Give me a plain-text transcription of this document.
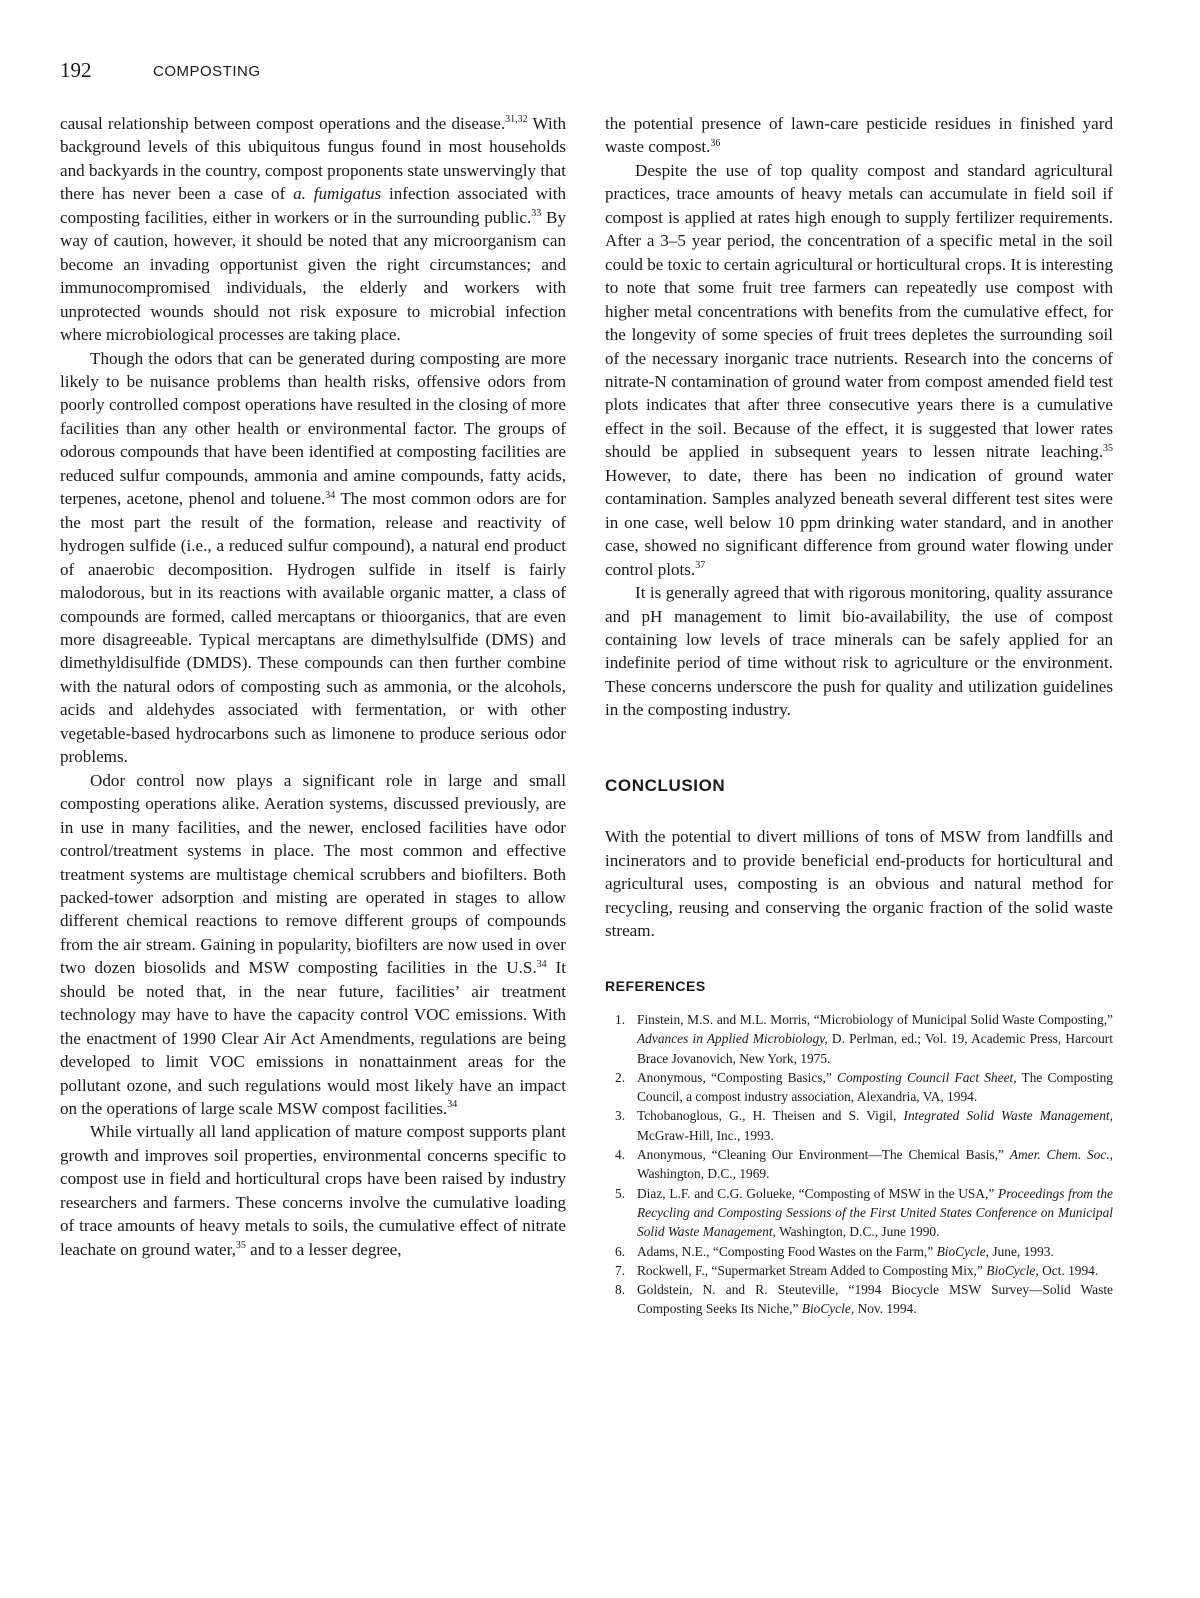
192	COMPOSTING

causal relationship between compost operations and the disease.$^{31,32}$ With background levels of this ubiquitous fungus found in most households and backyards in the country, compost proponents state unswervingly that there has never been a case of a. fumigatus infection associated with composting facilities, either in workers or in the surrounding public.$^{33}$ By way of caution, however, it should be noted that any microorganism can become an invading opportunist given the right circumstances; and immunocompromised individuals, the elderly and workers with unprotected wounds should not risk exposure to microbial infection where microbiological processes are taking place.

Though the odors that can be generated during composting are more likely to be nuisance problems than health risks, offensive odors from poorly controlled compost operations have resulted in the closing of more facilities than any other health or environmental factor. The groups of odorous compounds that have been identified at composting facilities are reduced sulfur compounds, ammonia and amine compounds, fatty acids, terpenes, acetone, phenol and toluene.$^{34}$ The most common odors are for the most part the result of the formation, release and reactivity of hydrogen sulfide (i.e., a reduced sulfur compound), a natural end product of anaerobic decomposition. Hydrogen sulfide in itself is fairly malodorous, but in its reactions with available organic matter, a class of compounds are formed, called mercaptans or thioorganics, that are even more disagreeable. Typical mercaptans are dimethylsulfide (DMS) and dimethyldisulfide (DMDS). These compounds can then further combine with the natural odors of composting such as ammonia, or the alcohols, acids and aldehydes associated with fermentation, or with other vegetable-based hydrocarbons such as limonene to produce serious odor problems.

Odor control now plays a significant role in large and small composting operations alike. Aeration systems, discussed previously, are in use in many facilities, and the newer, enclosed facilities have odor control/treatment systems in place. The most common and effective treatment systems are multistage chemical scrubbers and biofilters. Both packed-tower adsorption and misting are operated in stages to allow different chemical reactions to remove different groups of compounds from the air stream. Gaining in popularity, biofilters are now used in over two dozen biosolids and MSW composting facilities in the U.S.$^{34}$ It should be noted that, in the near future, facilities’ air treatment technology may have to have the capacity control VOC emissions. With the enactment of 1990 Clear Air Act Amendments, regulations are being developed to limit VOC emissions in nonattainment areas for the pollutant ozone, and such regulations would most likely have an impact on the operations of large scale MSW compost facilities.$^{34}$

While virtually all land application of mature compost supports plant growth and improves soil properties, environmental concerns specific to compost use in field and horticultural crops have been raised by industry researchers and farmers. These concerns involve the cumulative loading of trace amounts of heavy metals to soils, the cumulative effect of nitrate leachate on ground water,$^{35}$ and to a lesser degree,

the potential presence of lawn-care pesticide residues in finished yard waste compost.$^{36}$

Despite the use of top quality compost and standard agricultural practices, trace amounts of heavy metals can accumulate in field soil if compost is applied at rates high enough to supply fertilizer requirements. After a 3–5 year period, the concentration of a specific metal in the soil could be toxic to certain agricultural or horticultural crops. It is interesting to note that some fruit tree farmers can repeatedly use compost with higher metal concentrations with benefits from the cumulative effect, for the longevity of some species of fruit trees depletes the surrounding soil of the necessary inorganic trace nutrients. Research into the concerns of nitrate-N contamination of ground water from compost amended field test plots indicates that after three consecutive years there is a cumulative effect in the soil. Because of the effect, it is suggested that lower rates should be applied in subsequent years to lessen nitrate leaching.$^{35}$ However, to date, there has been no indication of ground water contamination. Samples analyzed beneath several different test sites were in one case, well below 10 ppm drinking water standard, and in another case, showed no significant difference from ground water flowing under control plots.$^{37}$

It is generally agreed that with rigorous monitoring, quality assurance and pH management to limit bio-availability, the use of compost containing low levels of trace minerals can be safely applied for an indefinite period of time without risk to agriculture or the environment. These concerns underscore the push for quality and utilization guidelines in the composting industry.

CONCLUSION

With the potential to divert millions of tons of MSW from landfills and incinerators and to provide beneficial end-products for horticultural and agricultural uses, composting is an obvious and natural method for recycling, reusing and conserving the organic fraction of the solid waste stream.

REFERENCES
1. Finstein, M.S. and M.L. Morris, “Microbiology of Municipal Solid Waste Composting,” Advances in Applied Microbiology, D. Perlman, ed.; Vol. 19, Academic Press, Harcourt Brace Jovanovich, New York, 1975.
2. Anonymous, “Composting Basics,” Composting Council Fact Sheet, The Composting Council, a compost industry association, Alexandria, VA, 1994.
3. Tchobanoglous, G., H. Theisen and S. Vigil, Integrated Solid Waste Management, McGraw-Hill, Inc., 1993.
4. Anonymous, “Cleaning Our Environment—The Chemical Basis,” Amer. Chem. Soc., Washington, D.C., 1969.
5. Diaz, L.F. and C.G. Golueke, “Composting of MSW in the USA,” Proceedings from the Recycling and Composting Sessions of the First United States Conference on Municipal Solid Waste Management, Washington, D.C., June 1990.
6. Adams, N.E., “Composting Food Wastes on the Farm,” BioCycle, June, 1993.
7. Rockwell, F., “Supermarket Stream Added to Composting Mix,” BioCycle, Oct. 1994.
8. Goldstein, N. and R. Steuteville, “1994 Biocycle MSW Survey—Solid Waste Composting Seeks Its Niche,” BioCycle, Nov. 1994.
